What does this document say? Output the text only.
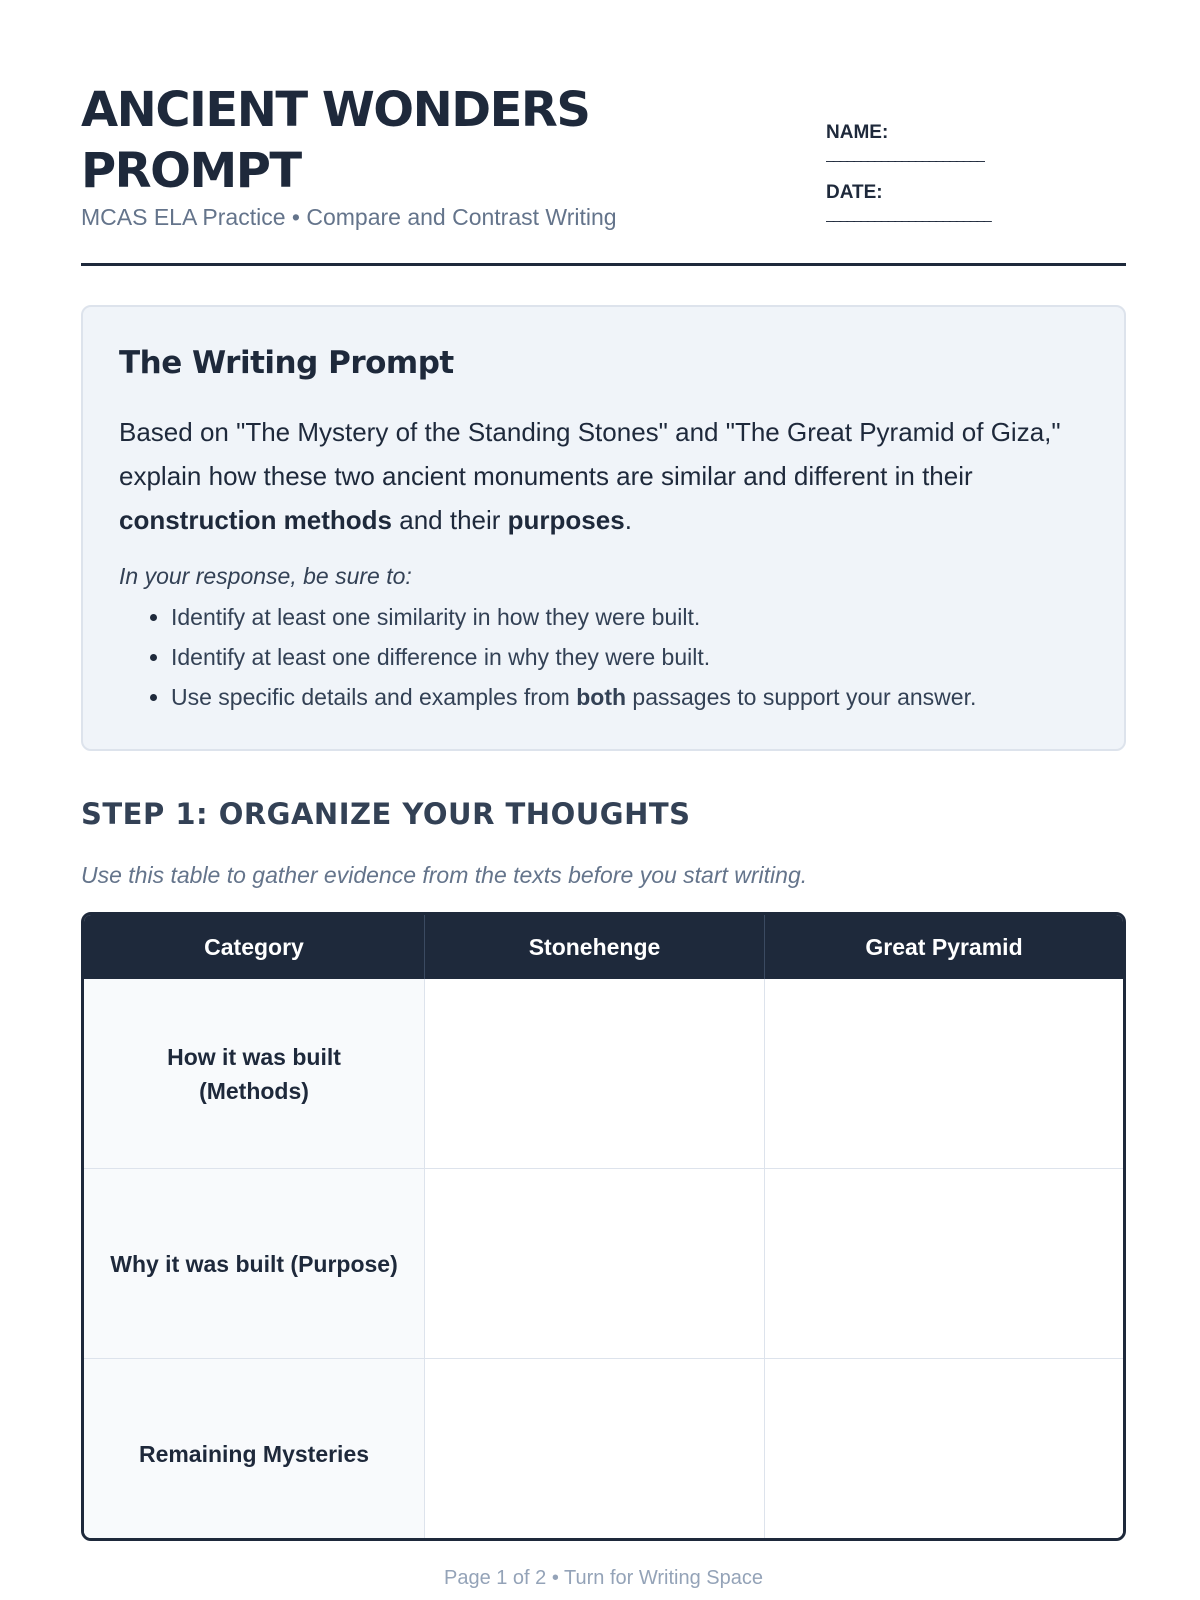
ANCIENT WONDERS
PROMPT
MCAS ELA Practice • Compare and Contrast Writing
NAME:
_______________________
DATE:
________________________
The Writing Prompt

Based on "The Mystery of the Standing Stones" and "The Great Pyramid of Giza," explain how these two ancient monuments are similar and different in their construction methods and their purposes.

In your response, be sure to:
• Identify at least one similarity in how they were built.
• Identify at least one difference in why they were built.
• Use specific details and examples from both passages to support your answer.
STEP 1: ORGANIZE YOUR THOUGHTS
Use this table to gather evidence from the texts before you start writing.
Category	Stonehenge	Great Pyramid

How it was built
(Methods)		

Why it was built (Purpose)		

Remaining Mysteries		

Page 1 of 2 • Turn for Writing Space
